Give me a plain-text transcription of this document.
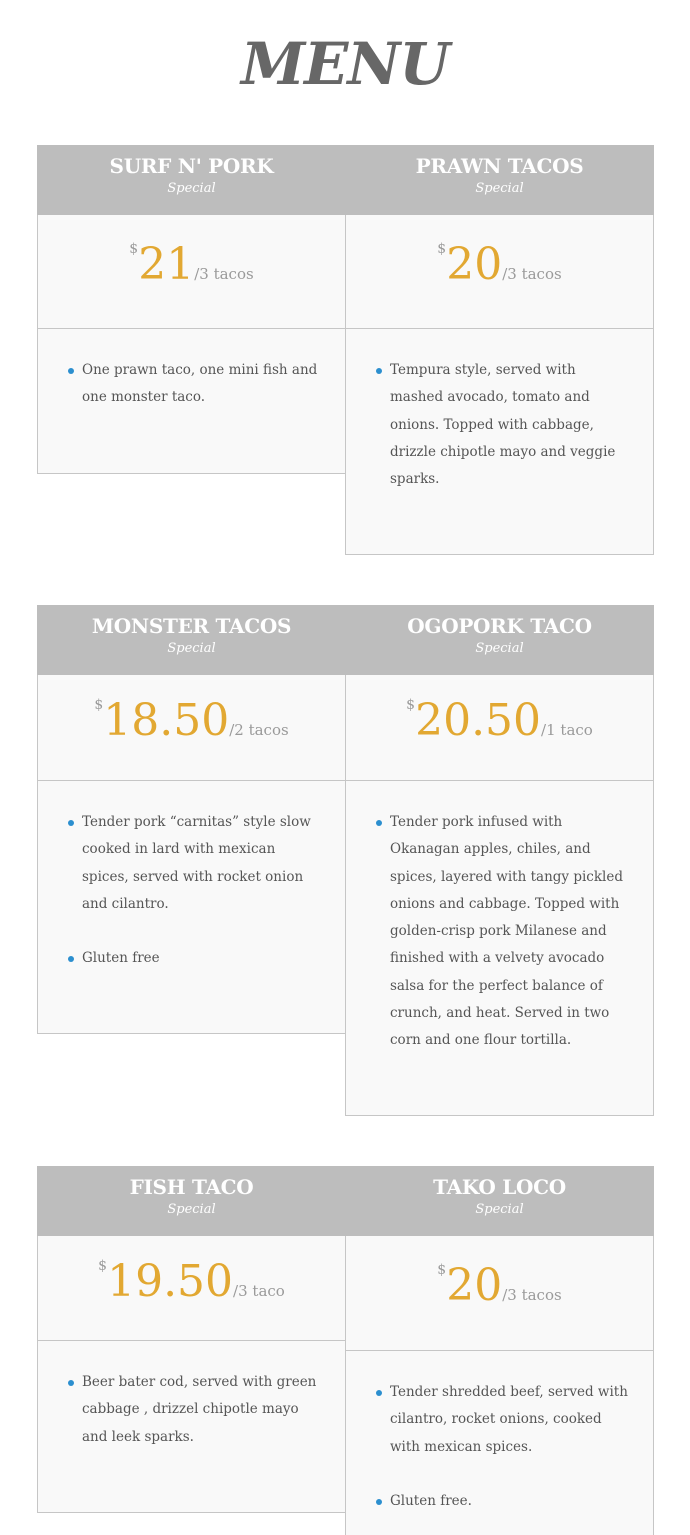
MENU
SURF N' PORK
Special
$21/3 tacos
One prawn taco, one mini fish and one monster taco.
PRAWN TACOS
Special
$20/3 tacos
Tempura style, served with mashed avocado, tomato and onions. Topped with cabbage, drizzle chipotle mayo and veggie sparks.
MONSTER TACOS
Special
$18.50/2 tacos
Tender pork “carnitas” style slow cooked in lard with mexican spices, served with rocket onion and cilantro.
Gluten free
OGOPORK TACO
Special
$20.50/1 taco
Tender pork infused with Okanagan apples, chiles, and spices, layered with tangy pickled onions and cabbage. Topped with golden-crisp pork Milanese and finished with a velvety avocado salsa for the perfect balance of crunch, and heat. Served in two corn and one flour tortilla.
FISH TACO
Special
$19.50/3 taco
Beer bater cod, served with green cabbage , drizzel chipotle mayo and leek sparks.
TAKO LOCO
Special
$20/3 tacos
Tender shredded beef, served with cilantro, rocket onions, cooked with mexican spices.
Gluten free.
